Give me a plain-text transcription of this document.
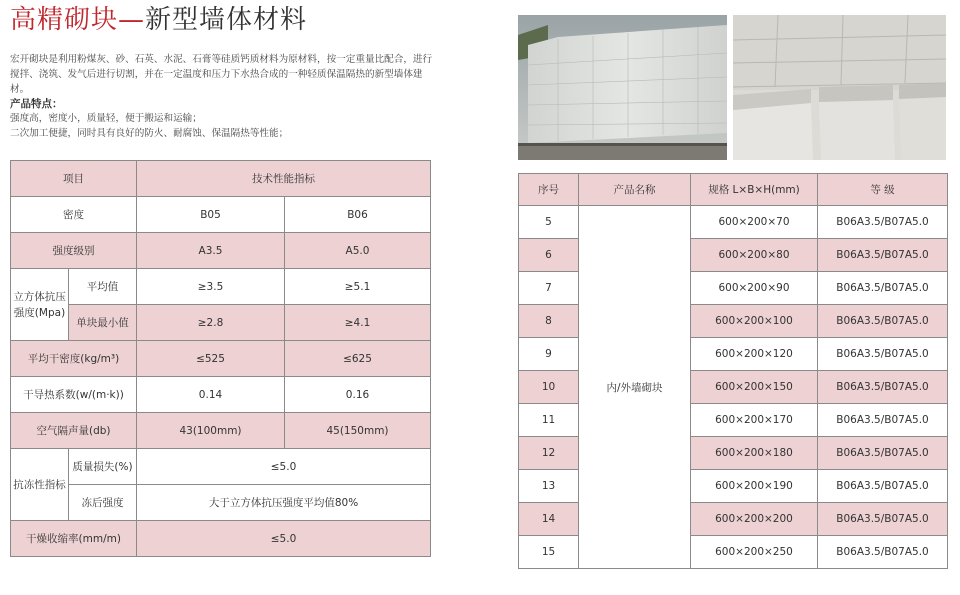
高精砌块—新型墙体材料
宏开砌块是利用粉煤灰、砂、石英、水泥、石膏等硅质钙质材料为原材料，按一定重量比配合，进行搅拌、浇筑、发气后进行切割，并在一定温度和压力下水热合成的一种轻质保温隔热的新型墙体建材。
产品特点：
强度高，密度小，质量轻，便于搬运和运输；
二次加工便捷，同时具有良好的防火、耐腐蚀、保温隔热等性能；
项目		技术性能指标	
密度		B05	B06
强度级别		A3.5	A5.0
立方体抗压强度(Mpa)	平均值	≥3.5	≥5.1
	单块最小值	≥2.8	≥4.1
平均干密度(kg/m³)		≤525	≤625
干导热系数(w/(m·k))		0.14	0.16
空气隔声量(db)		43(100mm)	45(150mm)
抗冻性指标	质量损失(%)	≤5.0	
	冻后强度	大于立方体抗压强度平均值80%	
干燥收缩率(mm/m)		≤5.0	
序号	产品名称	规格 L×B×H(mm)	等 级
5	内/外墙砌块	600×200×70	B06A3.5/B07A5.0
6		600×200×80	B06A3.5/B07A5.0
7		600×200×90	B06A3.5/B07A5.0
8		600×200×100	B06A3.5/B07A5.0
9		600×200×120	B06A3.5/B07A5.0
10		600×200×150	B06A3.5/B07A5.0
11		600×200×170	B06A3.5/B07A5.0
12		600×200×180	B06A3.5/B07A5.0
13		600×200×190	B06A3.5/B07A5.0
14		600×200×200	B06A3.5/B07A5.0
15		600×200×250	B06A3.5/B07A5.0
